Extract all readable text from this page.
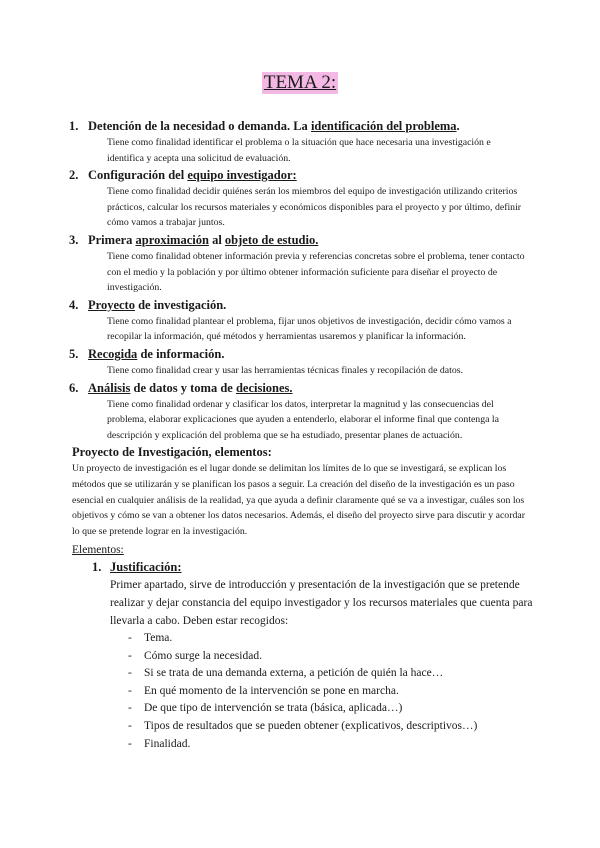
TEMA 2:
1. Detención de la necesidad o demanda. La identificación del problema.
Tiene como finalidad identificar el problema o la situación que hace necesaria una investigación e identifica y acepta una solicitud de evaluación.
2. Configuración del equipo investigador:
Tiene como finalidad decidir quiénes serán los miembros del equipo de investigación utilizando criterios prácticos, calcular los recursos materiales y económicos disponibles para el proyecto y por último, definir cómo vamos a trabajar juntos.
3. Primera aproximación al objeto de estudio.
Tiene como finalidad obtener información previa y referencias concretas sobre el problema, tener contacto con el medio y la población y por último obtener información suficiente para diseñar el proyecto de investigación.
4. Proyecto de investigación.
Tiene como finalidad plantear el problema, fijar unos objetivos de investigación, decidir cómo vamos a recopilar la información, qué métodos y herramientas usaremos y planificar la información.
5. Recogida de información.
Tiene como finalidad crear y usar las herramientas técnicas finales y recopilación de datos.
6. Análisis de datos y toma de decisiones.
Tiene como finalidad ordenar y clasificar los datos, interpretar la magnitud y las consecuencias del problema, elaborar explicaciones que ayuden a entenderlo, elaborar el informe final que contenga la descripción y explicación del problema que se ha estudiado, presentar planes de actuación.
Proyecto de Investigación, elementos:
Un proyecto de investigación es el lugar donde se delimitan los límites de lo que se investigará, se explican los métodos que se utilizarán y se planifican los pasos a seguir. La creación del diseño de la investigación es un paso esencial en cualquier análisis de la realidad, ya que ayuda a definir claramente qué se va a investigar, cuáles son los objetivos y cómo se van a obtener los datos necesarios. Además, el diseño del proyecto sirve para discutir y acordar lo que se pretende lograr en la investigación.
Elementos:
1. Justificación:
Primer apartado, sirve de introducción y presentación de la investigación que se pretende realizar y dejar constancia del equipo investigador y los recursos materiales que cuenta para llevarla a cabo. Deben estar recogidos:
- Tema.
- Cómo surge la necesidad.
- Si se trata de una demanda externa, a petición de quién la hace…
- En qué momento de la intervención se pone en marcha.
- De que tipo de intervención se trata (básica, aplicada…)
- Tipos de resultados que se pueden obtener (explicativos, descriptivos…)
- Finalidad.
